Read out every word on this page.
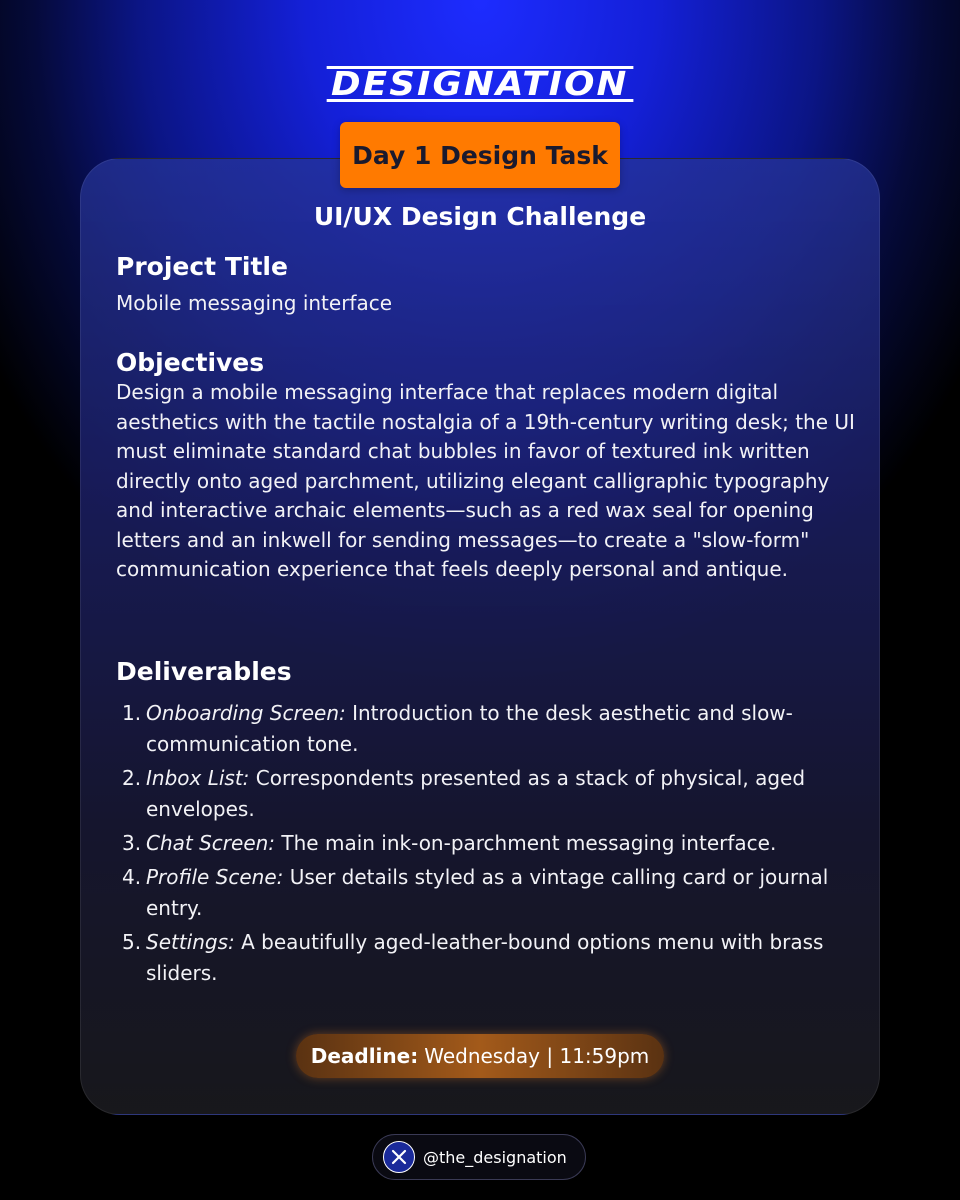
DESIGNATION
Day 1 Design Task
UI/UX Design Challenge
Project Title
Mobile messaging interface
Objectives
Design a mobile messaging interface that replaces modern digital aesthetics with the tactile nostalgia of a 19th-century writing desk; the UI must eliminate standard chat bubbles in favor of textured ink written directly onto aged parchment, utilizing elegant calligraphic typography and interactive archaic elements—such as a red wax seal for opening letters and an inkwell for sending messages—to create a "slow-form" communication experience that feels deeply personal and antique.
Deliverables
1. Onboarding Screen: Introduction to the desk aesthetic and slow-communication tone.
2. Inbox List: Correspondents presented as a stack of physical, aged envelopes.
3. Chat Screen: The main ink-on-parchment messaging interface.
4. Profile Scene: User details styled as a vintage calling card or journal entry.
5. Settings: A beautifully aged-leather-bound options menu with brass sliders.
Deadline: Wednesday | 11:59pm
@the_designation
